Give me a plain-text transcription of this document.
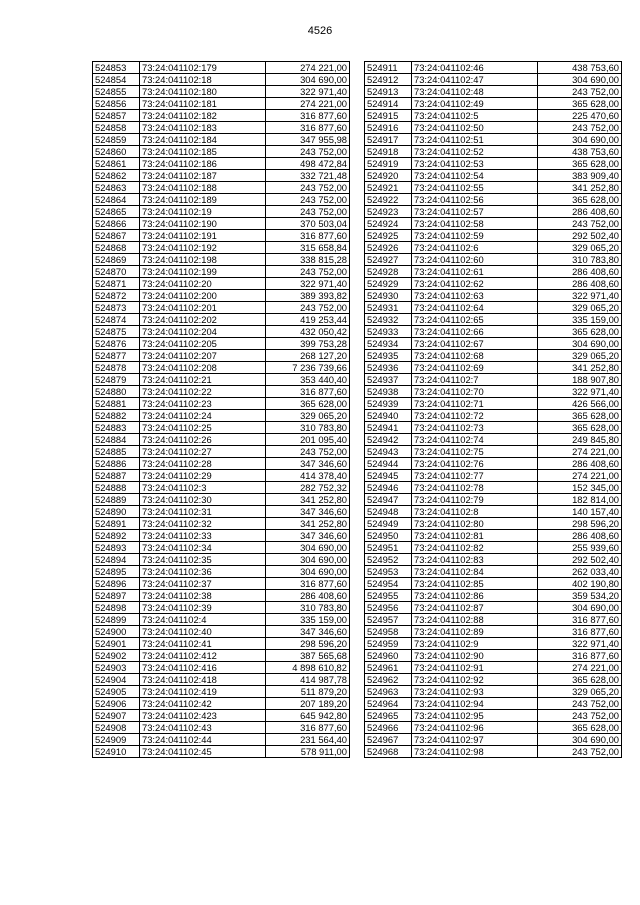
4526
524853	73:24:041102:179	274 221,00
524854	73:24:041102:18	304 690,00
524855	73:24:041102:180	322 971,40
524856	73:24:041102:181	274 221,00
524857	73:24:041102:182	316 877,60
524858	73:24:041102:183	316 877,60
524859	73:24:041102:184	347 955,98
524860	73:24:041102:185	243 752,00
524861	73:24:041102:186	498 472,84
524862	73:24:041102:187	332 721,48
524863	73:24:041102:188	243 752,00
524864	73:24:041102:189	243 752,00
524865	73:24:041102:19	243 752,00
524866	73:24:041102:190	370 503,04
524867	73:24:041102:191	316 877,60
524868	73:24:041102:192	315 658,84
524869	73:24:041102:198	338 815,28
524870	73:24:041102:199	243 752,00
524871	73:24:041102:20	322 971,40
524872	73:24:041102:200	389 393,82
524873	73:24:041102:201	243 752,00
524874	73:24:041102:202	419 253,44
524875	73:24:041102:204	432 050,42
524876	73:24:041102:205	399 753,28
524877	73:24:041102:207	268 127,20
524878	73:24:041102:208	7 236 739,66
524879	73:24:041102:21	353 440,40
524880	73:24:041102:22	316 877,60
524881	73:24:041102:23	365 628,00
524882	73:24:041102:24	329 065,20
524883	73:24:041102:25	310 783,80
524884	73:24:041102:26	201 095,40
524885	73:24:041102:27	243 752,00
524886	73:24:041102:28	347 346,60
524887	73:24:041102:29	414 378,40
524888	73:24:041102:3	282 752,32
524889	73:24:041102:30	341 252,80
524890	73:24:041102:31	347 346,60
524891	73:24:041102:32	341 252,80
524892	73:24:041102:33	347 346,60
524893	73:24:041102:34	304 690,00
524894	73:24:041102:35	304 690,00
524895	73:24:041102:36	304 690,00
524896	73:24:041102:37	316 877,60
524897	73:24:041102:38	286 408,60
524898	73:24:041102:39	310 783,80
524899	73:24:041102:4	335 159,00
524900	73:24:041102:40	347 346,60
524901	73:24:041102:41	298 596,20
524902	73:24:041102:412	387 565,68
524903	73:24:041102:416	4 898 610,82
524904	73:24:041102:418	414 987,78
524905	73:24:041102:419	511 879,20
524906	73:24:041102:42	207 189,20
524907	73:24:041102:423	645 942,80
524908	73:24:041102:43	316 877,60
524909	73:24:041102:44	231 564,40
524910	73:24:041102:45	578 911,00
524911	73:24:041102:46	438 753,60
524912	73:24:041102:47	304 690,00
524913	73:24:041102:48	243 752,00
524914	73:24:041102:49	365 628,00
524915	73:24:041102:5	225 470,60
524916	73:24:041102:50	243 752,00
524917	73:24:041102:51	304 690,00
524918	73:24:041102:52	438 753,60
524919	73:24:041102:53	365 628,00
524920	73:24:041102:54	383 909,40
524921	73:24:041102:55	341 252,80
524922	73:24:041102:56	365 628,00
524923	73:24:041102:57	286 408,60
524924	73:24:041102:58	243 752,00
524925	73:24:041102:59	292 502,40
524926	73:24:041102:6	329 065,20
524927	73:24:041102:60	310 783,80
524928	73:24:041102:61	286 408,60
524929	73:24:041102:62	286 408,60
524930	73:24:041102:63	322 971,40
524931	73:24:041102:64	329 065,20
524932	73:24:041102:65	335 159,00
524933	73:24:041102:66	365 628,00
524934	73:24:041102:67	304 690,00
524935	73:24:041102:68	329 065,20
524936	73:24:041102:69	341 252,80
524937	73:24:041102:7	188 907,80
524938	73:24:041102:70	322 971,40
524939	73:24:041102:71	426 566,00
524940	73:24:041102:72	365 628,00
524941	73:24:041102:73	365 628,00
524942	73:24:041102:74	249 845,80
524943	73:24:041102:75	274 221,00
524944	73:24:041102:76	286 408,60
524945	73:24:041102:77	274 221,00
524946	73:24:041102:78	152 345,00
524947	73:24:041102:79	182 814,00
524948	73:24:041102:8	140 157,40
524949	73:24:041102:80	298 596,20
524950	73:24:041102:81	286 408,60
524951	73:24:041102:82	255 939,60
524952	73:24:041102:83	292 502,40
524953	73:24:041102:84	262 033,40
524954	73:24:041102:85	402 190,80
524955	73:24:041102:86	359 534,20
524956	73:24:041102:87	304 690,00
524957	73:24:041102:88	316 877,60
524958	73:24:041102:89	316 877,60
524959	73:24:041102:9	322 971,40
524960	73:24:041102:90	316 877,60
524961	73:24:041102:91	274 221,00
524962	73:24:041102:92	365 628,00
524963	73:24:041102:93	329 065,20
524964	73:24:041102:94	243 752,00
524965	73:24:041102:95	243 752,00
524966	73:24:041102:96	365 628,00
524967	73:24:041102:97	304 690,00
524968	73:24:041102:98	243 752,00
